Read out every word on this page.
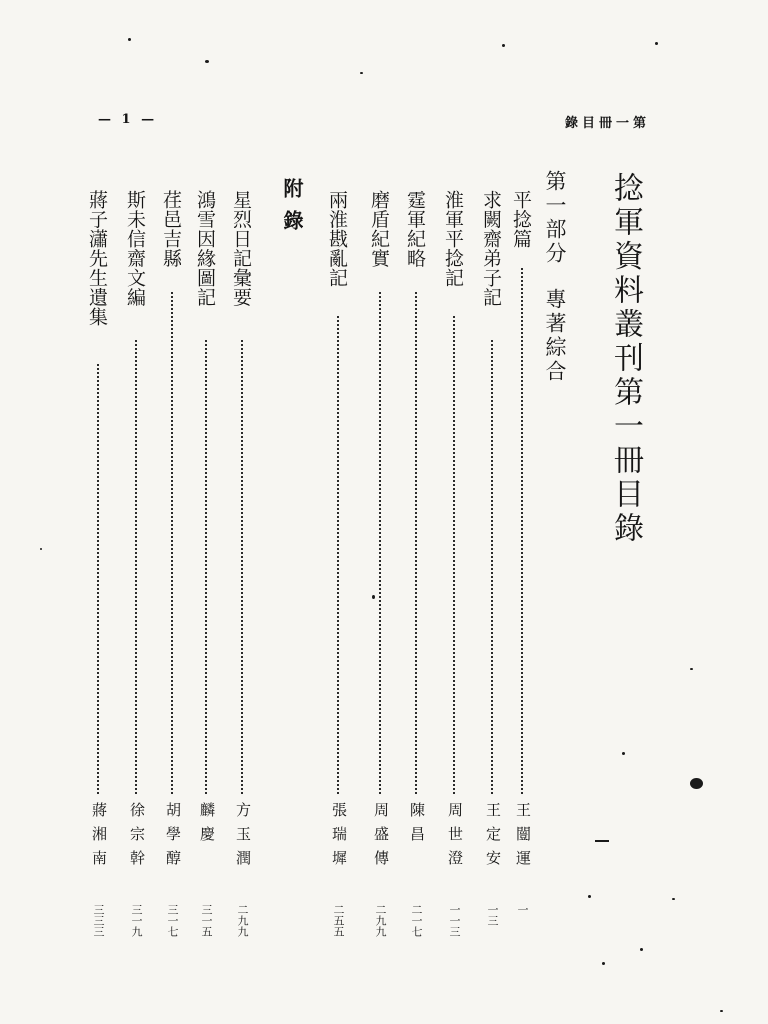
— 1 —	錄目冊一第
捻軍資料叢刊第一冊目錄
第一部分專著綜合
附錄	平捻篇
王闓運
一
求闕齋弟子記
王定安
一三
淮軍平捻記
周世澄
一一三
霆軍紀略
陳昌
二一七
磨盾紀實
周盛傳
二九九
兩淮戡亂記
張瑞墀
二五五
星烈日記彙要
方玉潤
二九九
鴻雪因緣圖記
麟慶
三一五
荏邑吉縣
胡學醇
三一七
斯未信齋文編
徐宗幹
三一九
蔣子瀟先生遺集
蔣湘南
三三三
